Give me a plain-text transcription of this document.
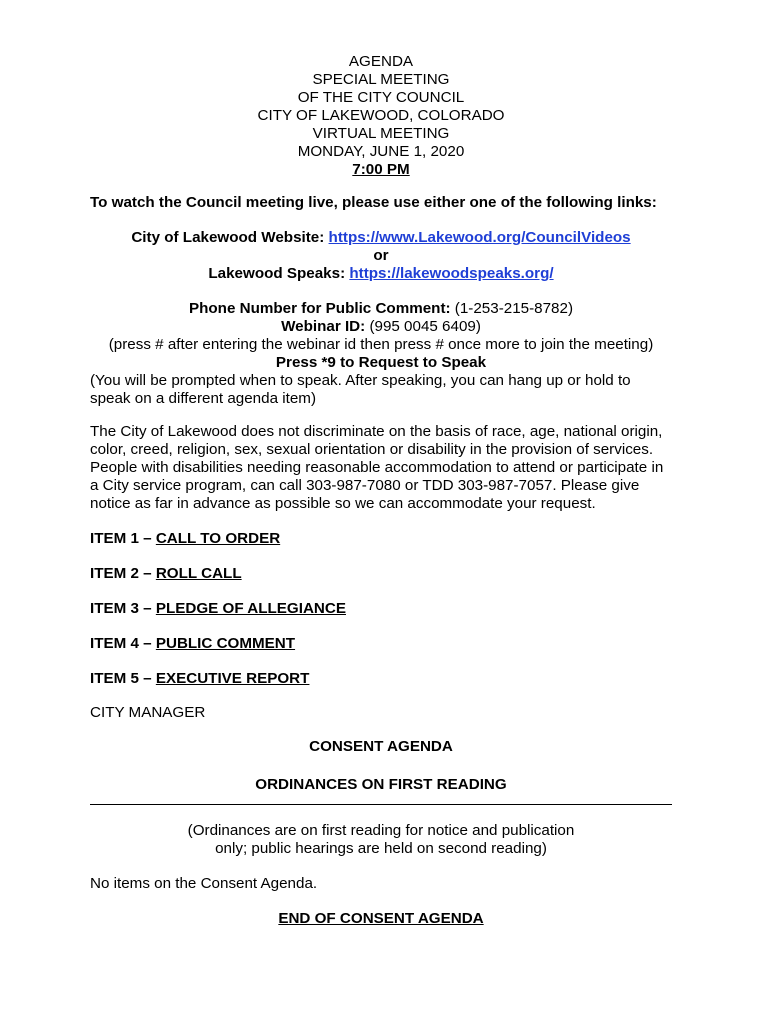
AGENDA
SPECIAL MEETING
OF THE CITY COUNCIL
CITY OF LAKEWOOD, COLORADO
VIRTUAL MEETING
MONDAY, JUNE 1, 2020
7:00 PM
To watch the Council meeting live, please use either one of the following links:
City of Lakewood Website: https://www.Lakewood.org/CouncilVideos
or
Lakewood Speaks: https://lakewoodspeaks.org/
Phone Number for Public Comment: (1-253-215-8782)
Webinar ID: (995 0045 6409)
(press # after entering the webinar id then press # once more to join the meeting)
Press *9 to Request to Speak
(You will be prompted when to speak. After speaking, you can hang up or hold to speak on a different agenda item)
The City of Lakewood does not discriminate on the basis of race, age, national origin, color, creed, religion, sex, sexual orientation or disability in the provision of services. People with disabilities needing reasonable accommodation to attend or participate in a City service program, can call 303-987-7080 or TDD 303-987-7057. Please give notice as far in advance as possible so we can accommodate your request.
ITEM 1 – CALL TO ORDER
ITEM 2 – ROLL CALL
ITEM 3 – PLEDGE OF ALLEGIANCE
ITEM 4 – PUBLIC COMMENT
ITEM 5 – EXECUTIVE REPORT
CITY MANAGER
CONSENT AGENDA
ORDINANCES ON FIRST READING
(Ordinances are on first reading for notice and publication
only; public hearings are held on second reading)
No items on the Consent Agenda.
END OF CONSENT AGENDA
